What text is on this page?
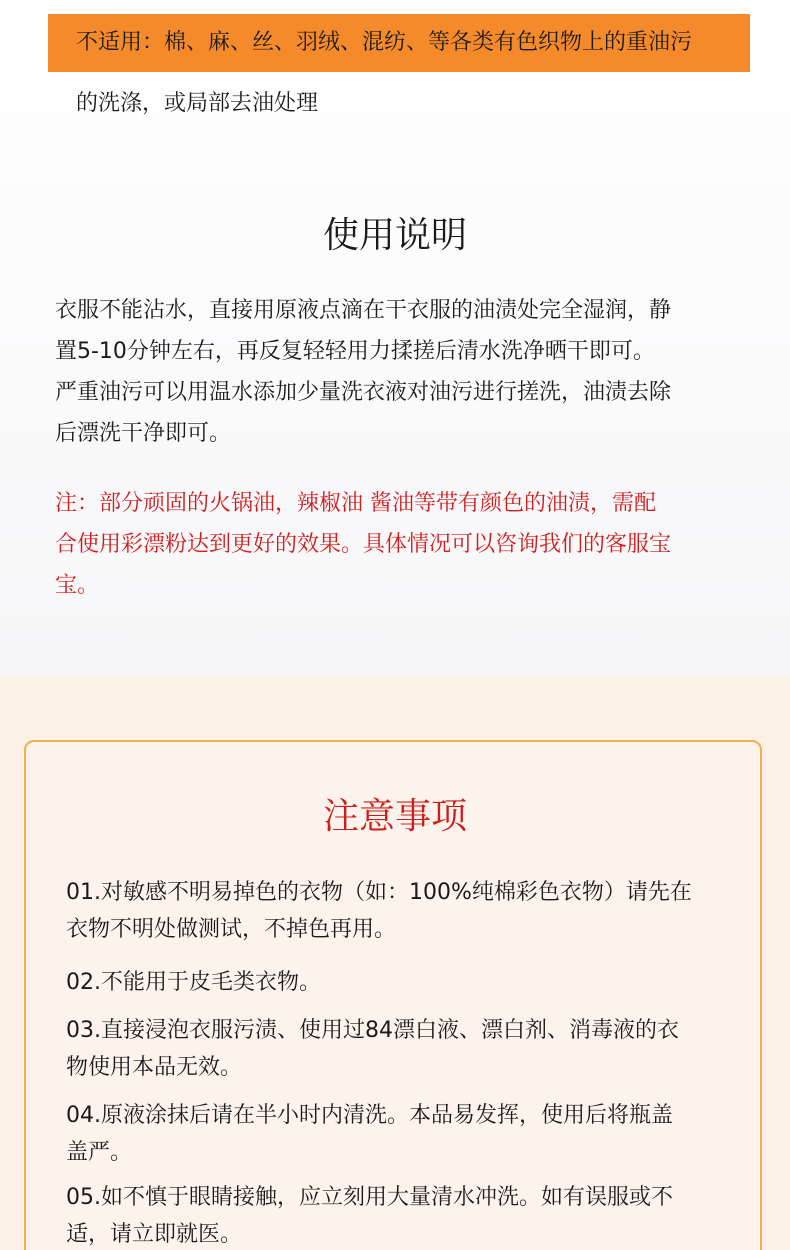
不适用：棉、麻、丝、羽绒、混纺、等各类有色织物上的重油污
的洗涤，或局部去油处理
使用说明
衣服不能沾水，直接用原液点滴在干衣服的油渍处完全湿润，静
置5-10分钟左右，再反复轻轻用力揉搓后清水洗净晒干即可。
严重油污可以用温水添加少量洗衣液对油污进行搓洗，油渍去除
后漂洗干净即可。
注：部分顽固的火锅油，辣椒油 酱油等带有颜色的油渍，需配
合使用彩漂粉达到更好的效果。具体情况可以咨询我们的客服宝
宝。
注意事项
01.对敏感不明易掉色的衣物（如：100%纯棉彩色衣物）请先在
衣物不明处做测试，不掉色再用。
02.不能用于皮毛类衣物。
03.直接浸泡衣服污渍、使用过84漂白液、漂白剂、消毒液的衣
物使用本品无效。
04.原液涂抹后请在半小时内清洗。本品易发挥，使用后将瓶盖
盖严。
05.如不慎于眼睛接触，应立刻用大量清水冲洗。如有误服或不
适，请立即就医。
